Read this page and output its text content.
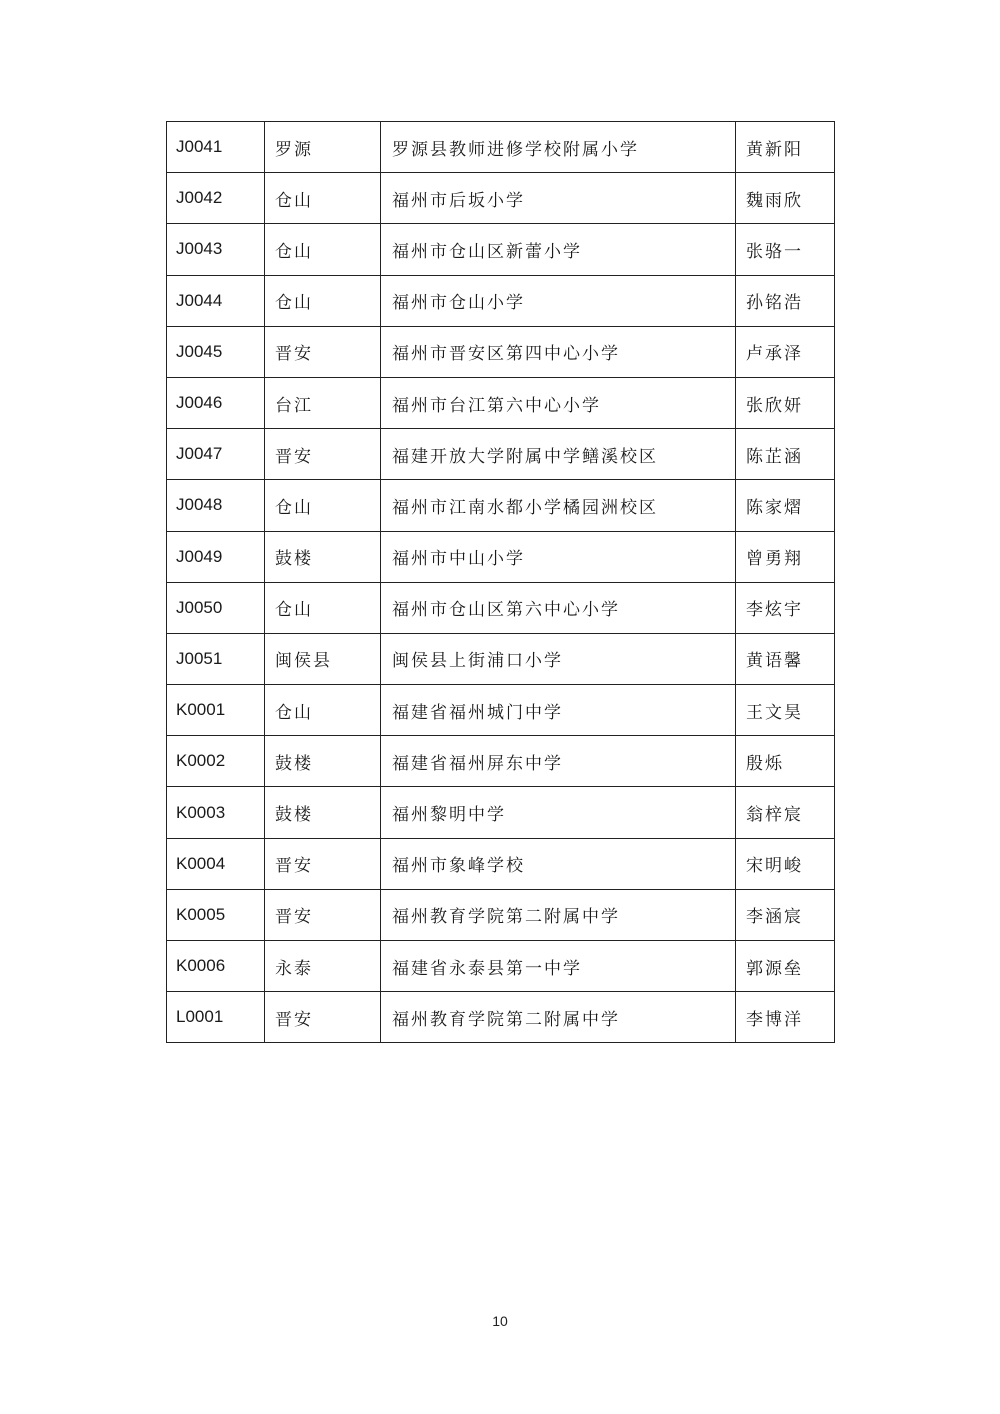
J0041	罗源	罗源县教师进修学校附属小学	黄新阳
J0042	仓山	福州市后坂小学	魏雨欣
J0043	仓山	福州市仓山区新蕾小学	张骆一
J0044	仓山	福州市仓山小学	孙铭浩
J0045	晋安	福州市晋安区第四中心小学	卢承泽
J0046	台江	福州市台江第六中心小学	张欣妍
J0047	晋安	福建开放大学附属中学鳝溪校区	陈芷涵
J0048	仓山	福州市江南水都小学橘园洲校区	陈家熠
J0049	鼓楼	福州市中山小学	曾勇翔
J0050	仓山	福州市仓山区第六中心小学	李炫宇
J0051	闽侯县	闽侯县上街浦口小学	黄语馨
K0001	仓山	福建省福州城门中学	王文昊
K0002	鼓楼	福建省福州屏东中学	殷烁
K0003	鼓楼	福州黎明中学	翁梓宸
K0004	晋安	福州市象峰学校	宋明峻
K0005	晋安	福州教育学院第二附属中学	李涵宸
K0006	永泰	福建省永泰县第一中学	郭源垒
L0001	晋安	福州教育学院第二附属中学	李博洋
10
